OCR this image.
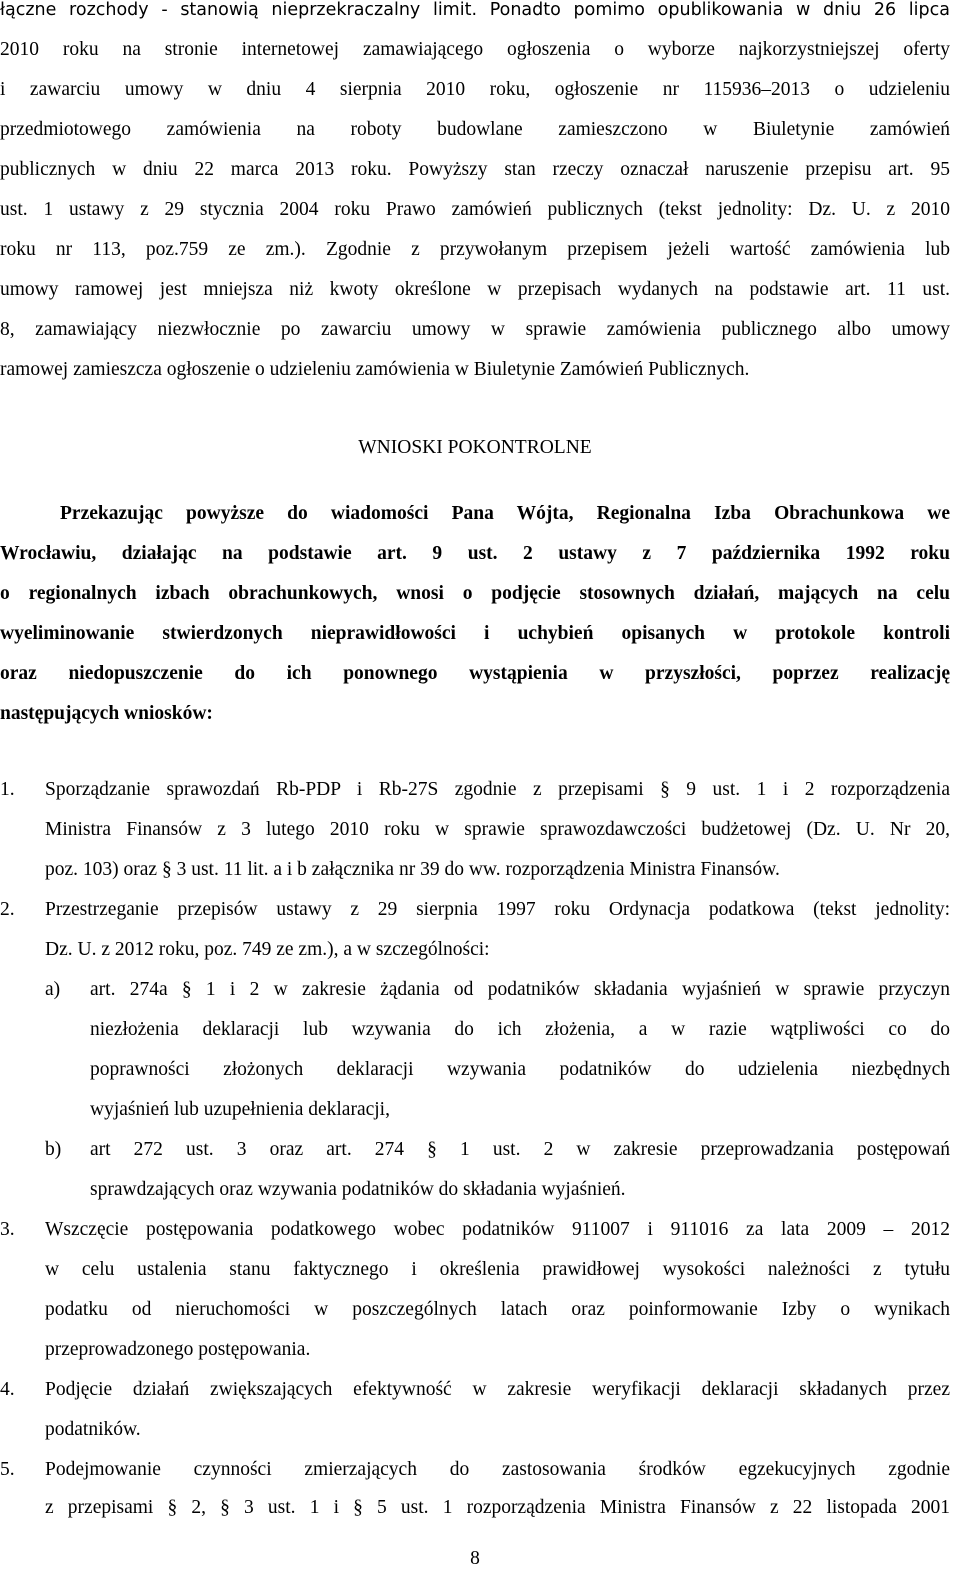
łączne rozchody - stanowią nieprzekraczalny limit. Ponadto pomimo opublikowania w dniu 26 lipca
2010 roku na stronie internetowej zamawiającego ogłoszenia o wyborze najkorzystniejszej oferty
i zawarciu umowy w dniu 4 sierpnia 2010 roku, ogłoszenie nr 115936–2013 o udzieleniu
przedmiotowego zamówienia na roboty budowlane zamieszczono w Biuletynie zamówień
publicznych w dniu 22 marca 2013 roku. Powyższy stan rzeczy oznaczał naruszenie przepisu art. 95
ust. 1 ustawy z 29 stycznia 2004 roku Prawo zamówień publicznych (tekst jednolity: Dz. U. z 2010
roku nr 113, poz.759 ze zm.). Zgodnie z przywołanym przepisem jeżeli wartość zamówienia lub
umowy ramowej jest mniejsza niż kwoty określone w przepisach wydanych na podstawie art. 11 ust.
8, zamawiający niezwłocznie po zawarciu umowy w sprawie zamówienia publicznego albo umowy
ramowej zamieszcza ogłoszenie o udzieleniu zamówienia w Biuletynie Zamówień Publicznych.
WNIOSKI POKONTROLNE
Przekazując powyższe do wiadomości Pana Wójta, Regionalna Izba Obrachunkowa we
Wrocławiu, działając na podstawie art. 9 ust. 2 ustawy z 7 października 1992 roku
o regionalnych izbach obrachunkowych, wnosi o podjęcie stosownych działań, mających na celu
wyeliminowanie stwierdzonych nieprawidłowości i uchybień opisanych w protokole kontroli
oraz niedopuszczenie do ich ponownego wystąpienia w przyszłości, poprzez realizację
następujących wniosków:
1. Sporządzanie sprawozdań Rb-PDP i Rb-27S zgodnie z przepisami § 9 ust. 1 i 2 rozporządzenia
Ministra Finansów z 3 lutego 2010 roku w sprawie sprawozdawczości budżetowej (Dz. U. Nr 20,
poz. 103) oraz § 3 ust. 11 lit. a i b załącznika nr 39 do ww. rozporządzenia Ministra Finansów.
2. Przestrzeganie przepisów ustawy z 29 sierpnia 1997 roku Ordynacja podatkowa (tekst jednolity:
Dz. U. z 2012 roku, poz. 749 ze zm.), a w szczególności:
a) art. 274a § 1 i 2 w zakresie żądania od podatników składania wyjaśnień w sprawie przyczyn
niezłożenia deklaracji lub wzywania do ich złożenia, a w razie wątpliwości co do
poprawności złożonych deklaracji wzywania podatników do udzielenia niezbędnych
wyjaśnień lub uzupełnienia deklaracji,
b) art 272 ust. 3 oraz art. 274 § 1 ust. 2 w zakresie przeprowadzania postępowań
sprawdzających oraz wzywania podatników do składania wyjaśnień.
3. Wszczęcie postępowania podatkowego wobec podatników 911007 i 911016 za lata 2009 – 2012
w celu ustalenia stanu faktycznego i określenia prawidłowej wysokości należności z tytułu
podatku od nieruchomości w poszczególnych latach oraz poinformowanie Izby o wynikach
przeprowadzonego postępowania.
4. Podjęcie działań zwiększających efektywność w zakresie weryfikacji deklaracji składanych przez
podatników.
5. Podejmowanie czynności zmierzających do zastosowania środków egzekucyjnych zgodnie
z przepisami § 2, § 3 ust. 1 i § 5 ust. 1 rozporządzenia Ministra Finansów z 22 listopada 2001
8
